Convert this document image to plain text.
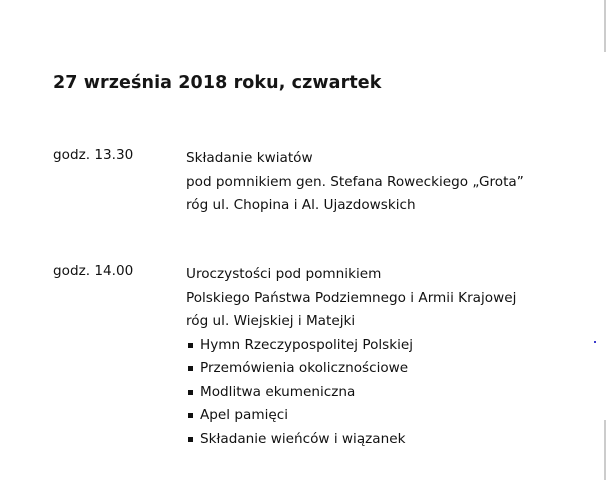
27 września 2018 roku, czwartek
godz. 13.30	Składanie kwiatów
pod pomnikiem gen. Stefana Roweckiego „Grota”
róg ul. Chopina i Al. Ujazdowskich
godz. 14.00	Uroczystości pod pomnikiem
Polskiego Państwa Podziemnego i Armii Krajowej
róg ul. Wiejskiej i Matejki
Hymn Rzeczypospolitej Polskiej
Przemówienia okolicznościowe
Modlitwa ekumeniczna
Apel pamięci
Składanie wieńców i wiązanek
